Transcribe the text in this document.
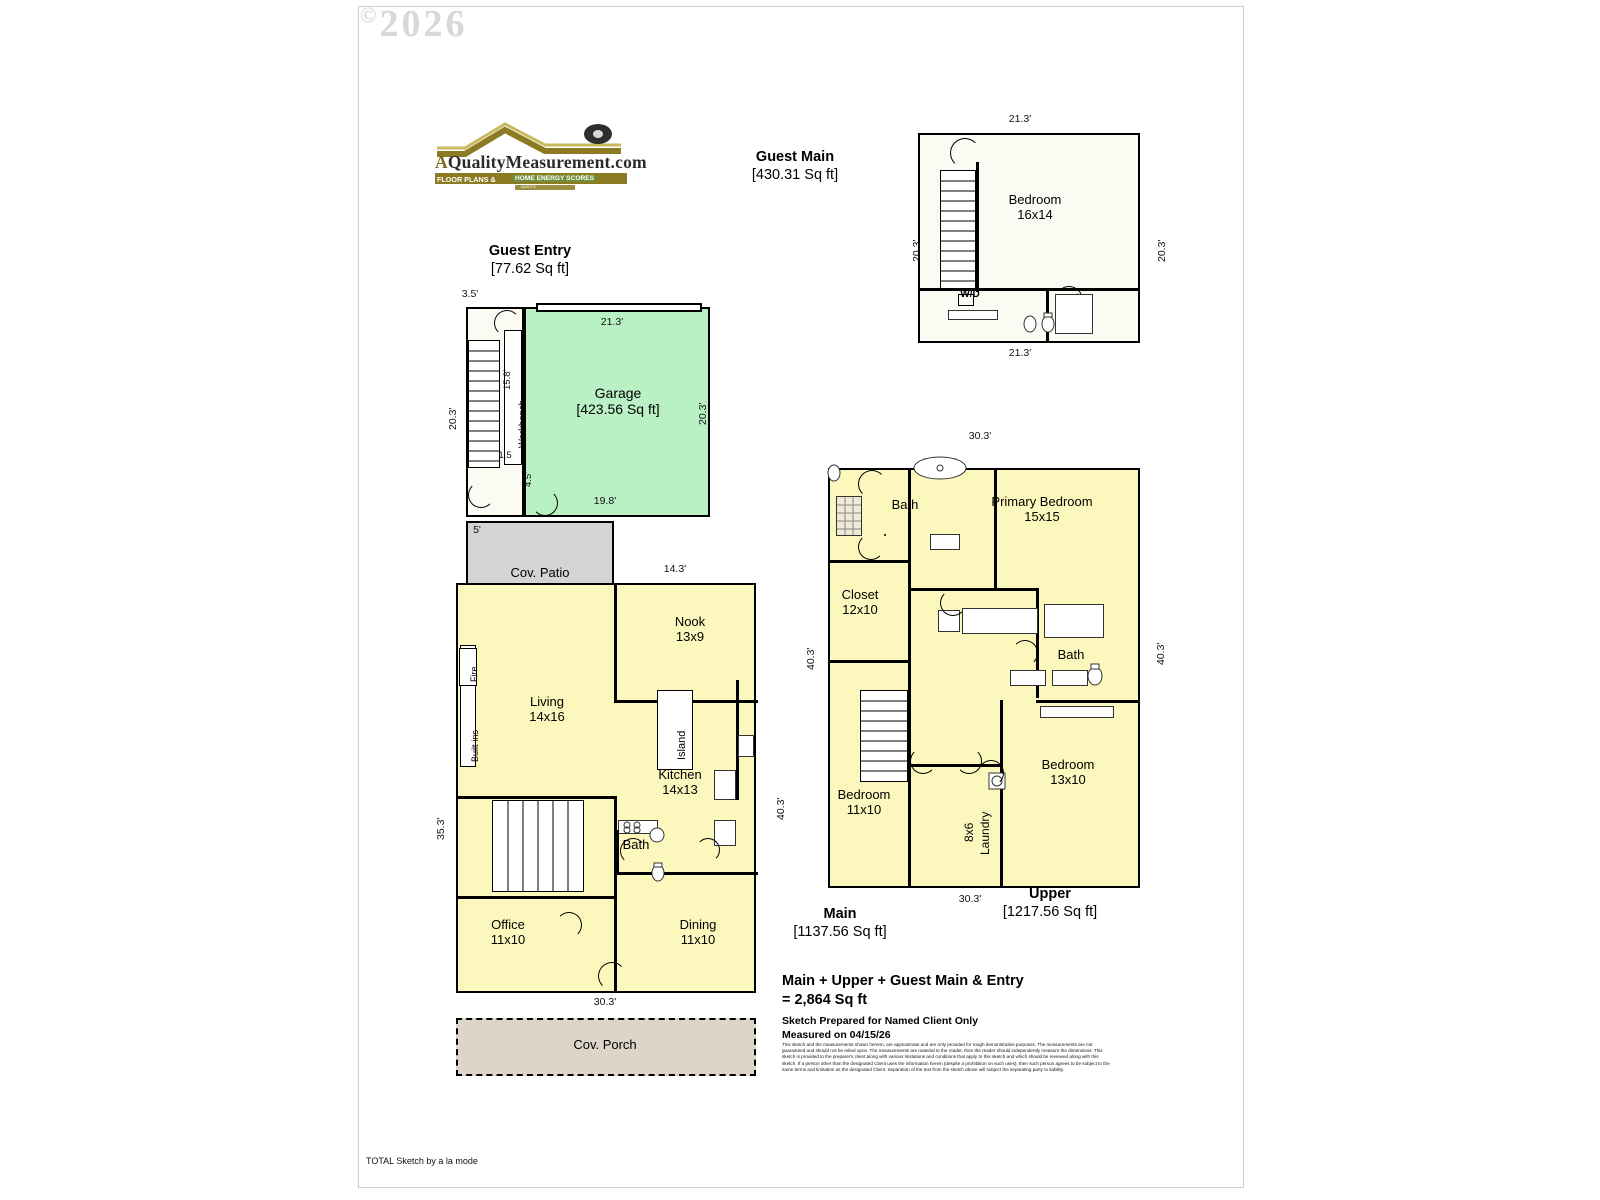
©2026
AQualityMeasurement.com
FLOOR PLANS &	HOME ENERGY SCORES
AUDITS
Guest Main
[430.31 Sq ft]
Bedroom
16x14
W/D
21.3'
21.3'
20.3'	20.3'
Guest Entry
[77.62 Sq ft]
Workbench
Garage
[423.56 Sq ft]
3.5'
21.3'
20.3'	20.3'
15.8'
1.5
4.5'
19.8'
Cov. Patio
5'
Built-ins
Fire
Island
Bath
Nook
13x9
Living
14x16
Kitchen
14x13
Office
11x10
Dining
11x10
Cov. Porch
14.3'
35.3'
40.3'
30.3'
Main
[1137.56 Sq ft]
Bath	Primary Bedroom
15x15
Closet
12x10
Bath
Bedroom
13x10
Bedroom
11x10
Laundry
8x6
30.3'
40.3'	40.3'
30.3'	Upper
[1217.56 Sq ft]
Main + Upper + Guest Main & Entry
= 2,864 Sq ft
Sketch Prepared for Named Client Only
Measured on 04/15/26
This sketch and the measurements shown hereon, are approximate and are only provided for rough demonstrative purposes. The measurements are not guaranteed and should not be relied upon. The measurements are material to the reader, then the reader should independently measure the dimensions. This sketch is provided to the preparer's client along with various limitations and conditions that apply to this sketch and which should be reviewed along with this sketch. If a person other than the designated Client uses the information herein (despite a prohibition on such uses), then such person agrees to be subject to the same terms and limitation as the designated Client. Separation of the text from the sketch above will subject the separating party to liability.
TOTAL Sketch by a la mode
